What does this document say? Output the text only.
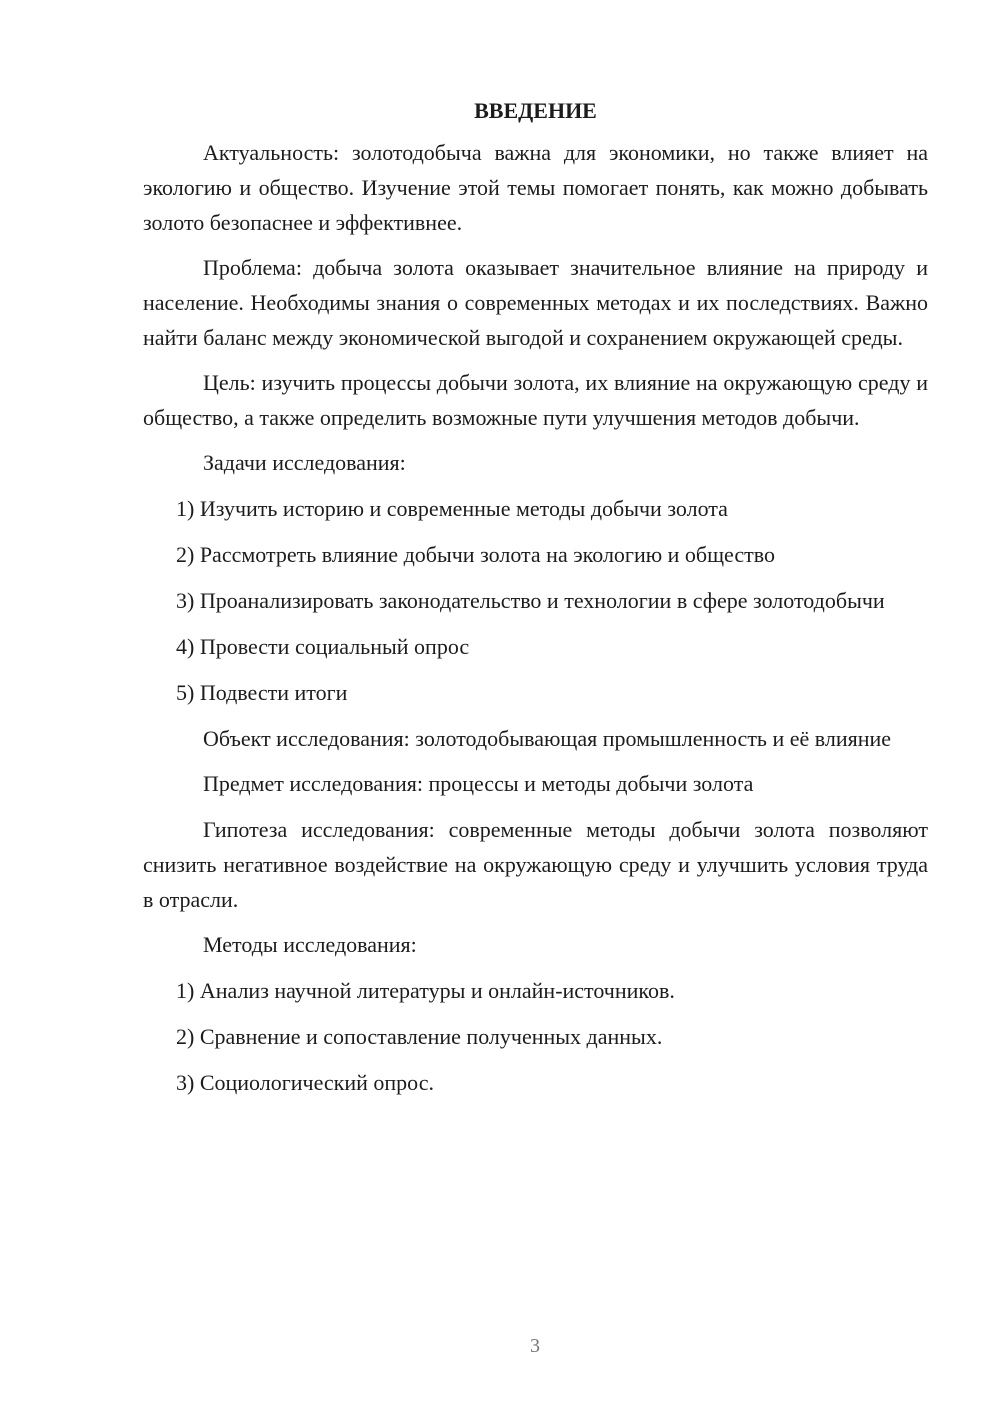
ВВЕДЕНИЕ

Актуальность: золотодобыча важна для экономики, но также влияет на экологию и общество. Изучение этой темы помогает понять, как можно добывать золото безопаснее и эффективнее.

Проблема: добыча золота оказывает значительное влияние на природу и население. Необходимы знания о современных методах и их последствиях. Важно найти баланс между экономической выгодой и сохранением окружающей среды.

Цель: изучить процессы добычи золота, их влияние на окружающую среду и общество, а также определить возможные пути улучшения методов добычи.

Задачи исследования:

1) Изучить историю и современные методы добычи золота

2) Рассмотреть влияние добычи золота на экологию и общество

3) Проанализировать законодательство и технологии в сфере золотодобычи

4) Провести социальный опрос

5) Подвести итоги

Объект исследования: золотодобывающая промышленность и её влияние

Предмет исследования: процессы и методы добычи золота

Гипотеза исследования: современные методы добычи золота позволяют снизить негативное воздействие на окружающую среду и улучшить условия труда в отрасли.

Методы исследования:

1) Анализ научной литературы и онлайн-источников.

2) Сравнение и сопоставление полученных данных.

3) Социологический опрос.

3
